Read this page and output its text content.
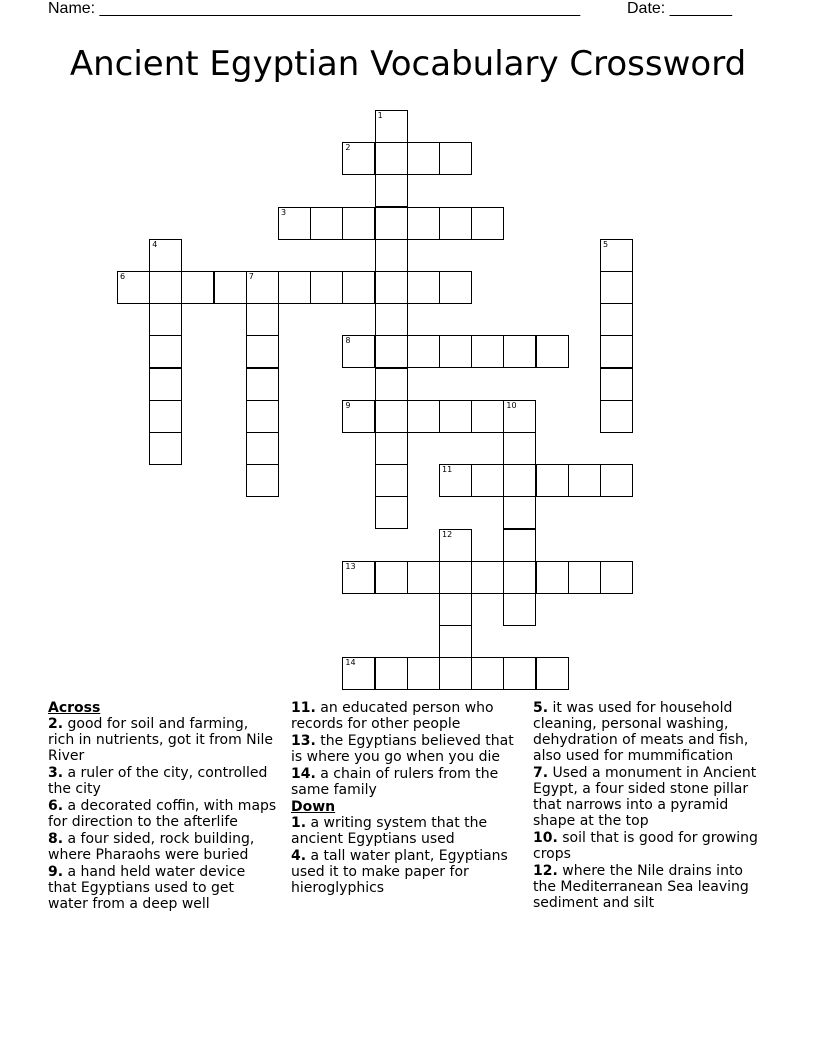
Name: ______________________________________________________	Date: _______
Ancient Egyptian Vocabulary Crossword
1
2
3
4	5
6	7
8
9	10
11
12
13
14
Across
2. good for soil and farming, rich in nutrients, got it from Nile River
3. a ruler of the city, controlled the city
6. a decorated coffin, with maps for direction to the afterlife
8. a four sided, rock building, where Pharaohs were buried
9. a hand held water device that Egyptians used to get water from a deep well
11. an educated person who records for other people
13. the Egyptians believed that is where you go when you die
14. a chain of rulers from the same family
Down
1. a writing system that the ancient Egyptians used
4. a tall water plant, Egyptians used it to make paper for hieroglyphics
5. it was used for household cleaning, personal washing, dehydration of meats and fish, also used for mummification
7. Used a monument in Ancient Egypt, a four sided stone pillar that narrows into a pyramid shape at the top
10. soil that is good for growing crops
12. where the Nile drains into the Mediterranean Sea leaving sediment and silt
